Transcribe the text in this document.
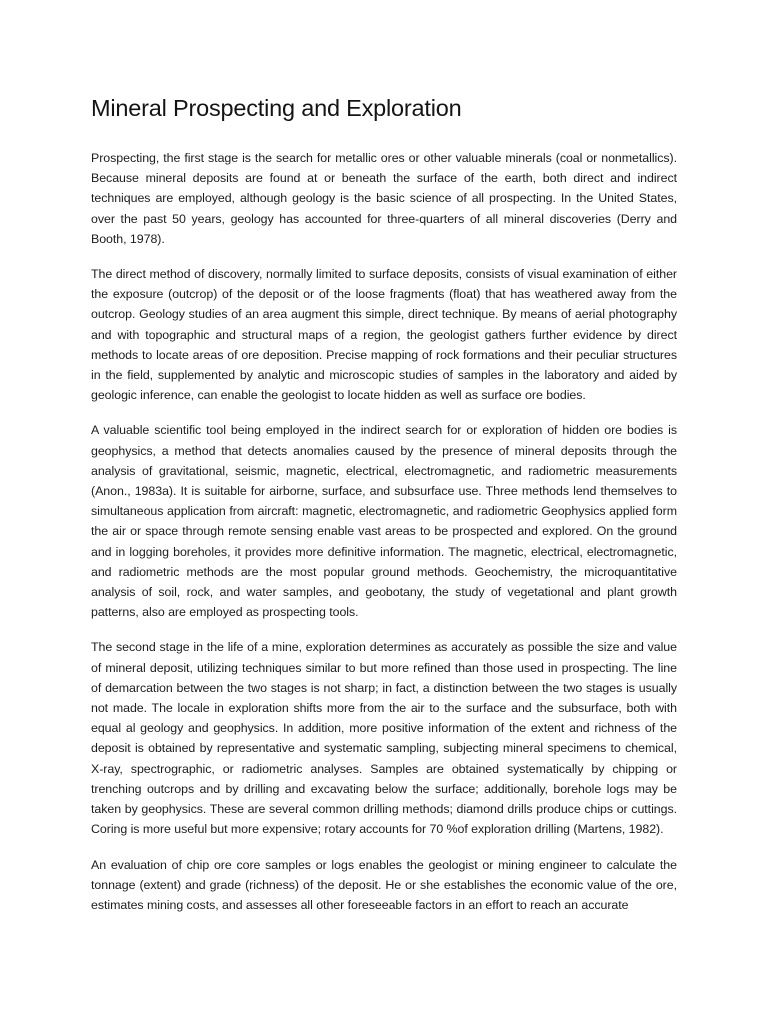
Mineral Prospecting and Exploration

Prospecting, the first stage is the search for metallic ores or other valuable minerals (coal or nonmetallics). Because mineral deposits are found at or beneath the surface of the earth, both direct and indirect techniques are employed, although geology is the basic science of all prospecting. In the United States, over the past 50 years, geology has accounted for three-quarters of all mineral discoveries (Derry and Booth, 1978).

The direct method of discovery, normally limited to surface deposits, consists of visual examination of either the exposure (outcrop) of the deposit or of the loose fragments (float) that has weathered away from the outcrop. Geology studies of an area augment this simple, direct technique. By means of aerial photography and with topographic and structural maps of a region, the geologist gathers further evidence by direct methods to locate areas of ore deposition. Precise mapping of rock formations and their peculiar structures in the field, supplemented by analytic and microscopic studies of samples in the laboratory and aided by geologic inference, can enable the geologist to locate hidden as well as surface ore bodies.

A valuable scientific tool being employed in the indirect search for or exploration of hidden ore bodies is geophysics, a method that detects anomalies caused by the presence of mineral deposits through the analysis of gravitational, seismic, magnetic, electrical, electromagnetic, and radiometric measurements (Anon., 1983a). It is suitable for airborne, surface, and subsurface use. Three methods lend themselves to simultaneous application from aircraft: magnetic, electromagnetic, and radiometric Geophysics applied form the air or space through remote sensing enable vast areas to be prospected and explored. On the ground and in logging boreholes, it provides more definitive information. The magnetic, electrical, electromagnetic, and radiometric methods are the most popular ground methods. Geochemistry, the microquantitative analysis of soil, rock, and water samples, and geobotany, the study of vegetational and plant growth patterns, also are employed as prospecting tools.

The second stage in the life of a mine, exploration determines as accurately as possible the size and value of mineral deposit, utilizing techniques similar to but more refined than those used in prospecting. The line of demarcation between the two stages is not sharp; in fact, a distinction between the two stages is usually not made. The locale in exploration shifts more from the air to the surface and the subsurface, both with equal al geology and geophysics. In addition, more positive information of the extent and richness of the deposit is obtained by representative and systematic sampling, subjecting mineral specimens to chemical, X-ray, spectrographic, or radiometric analyses. Samples are obtained systematically by chipping or trenching outcrops and by drilling and excavating below the surface; additionally, borehole logs may be taken by geophysics. These are several common drilling methods; diamond drills produce chips or cuttings. Coring is more useful but more expensive; rotary accounts for 70 %of exploration drilling (Martens, 1982).

An evaluation of chip ore core samples or logs enables the geologist or mining engineer to calculate the tonnage (extent) and grade (richness) of the deposit. He or she establishes the economic value of the ore, estimates mining costs, and assesses all other foreseeable factors in an effort to reach an accurate
